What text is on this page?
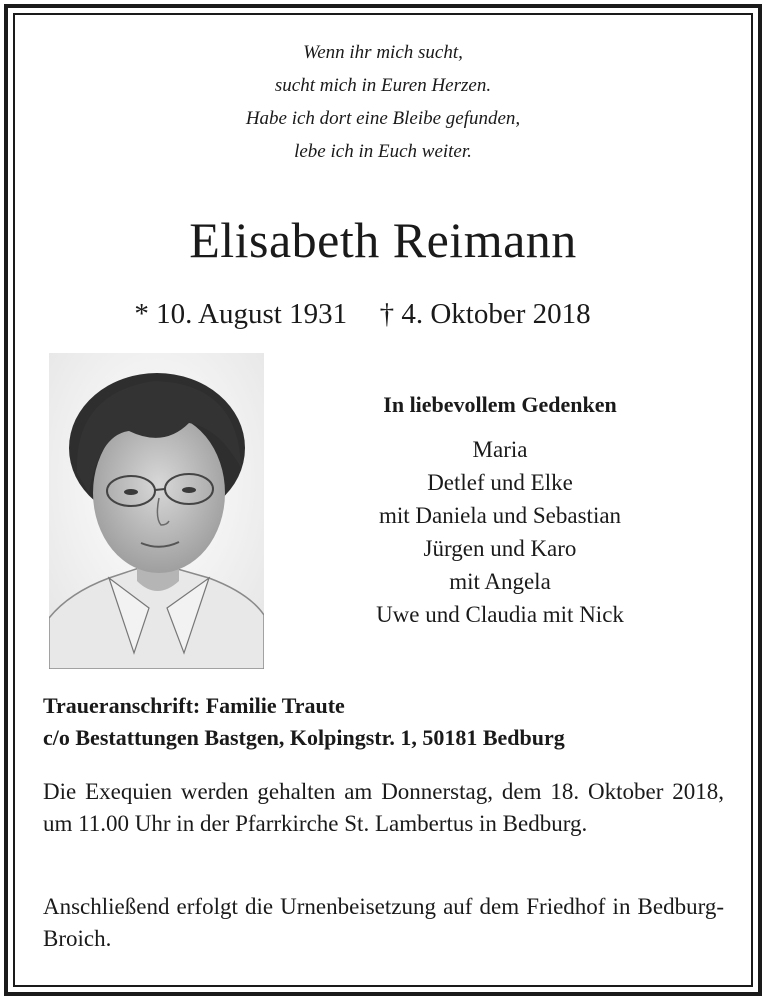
Wenn ihr mich sucht,
sucht mich in Euren Herzen.
Habe ich dort eine Bleibe gefunden,
lebe ich in Euch weiter.
Elisabeth Reimann
* 10. August 1931 † 4. Oktober 2018
In liebevollem Gedenken
Maria
Detlef und Elke
mit Daniela und Sebastian
Jürgen und Karo
mit Angela
Uwe und Claudia mit Nick
Traueranschrift: Familie Traute
c/o Bestattungen Bastgen, Kolpingstr. 1, 50181 Bedburg
Die Exequien werden gehalten am Donnerstag, dem 18. Oktober 2018, um 11.00 Uhr in der Pfarrkirche St. Lambertus in Bedburg.
Anschließend erfolgt die Urnenbeisetzung auf dem Friedhof in Bedburg- Broich.
